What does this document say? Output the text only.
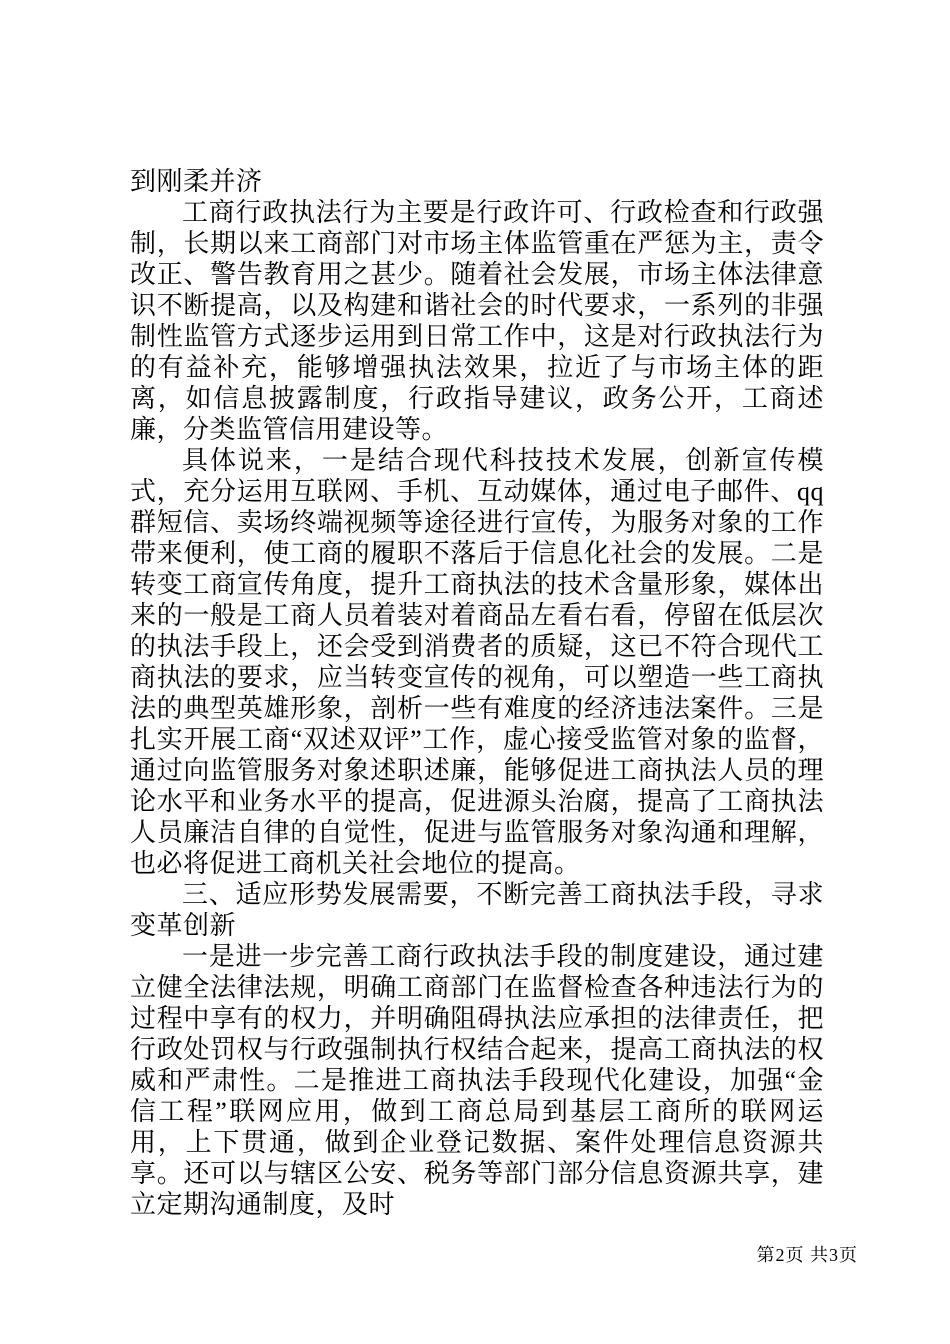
到刚柔并济

工商行政执法行为主要是行政许可、行政检查和行政强制，长期以来工商部门对市场主体监管重在严惩为主，责令改正、警告教育用之甚少。随着社会发展，市场主体法律意识不断提高，以及构建和谐社会的时代要求，一系列的非强制性监管方式逐步运用到日常工作中，这是对行政执法行为的有益补充，能够增强执法效果，拉近了与市场主体的距离，如信息披露制度，行政指导建议，政务公开，工商述廉，分类监管信用建设等。

具体说来，一是结合现代科技技术发展，创新宣传模式，充分运用互联网、手机、互动媒体，通过电子邮件、qq群短信、卖场终端视频等途径进行宣传，为服务对象的工作带来便利，使工商的履职不落后于信息化社会的发展。二是转变工商宣传角度，提升工商执法的技术含量形象，媒体出来的一般是工商人员着装对着商品左看右看，停留在低层次的执法手段上，还会受到消费者的质疑，这已不符合现代工商执法的要求，应当转变宣传的视角，可以塑造一些工商执法的典型英雄形象，剖析一些有难度的经济违法案件。三是扎实开展工商“双述双评”工作，虚心接受监管对象的监督，通过向监管服务对象述职述廉，能够促进工商执法人员的理论水平和业务水平的提高，促进源头治腐，提高了工商执法人员廉洁自律的自觉性，促进与监管服务对象沟通和理解，也必将促进工商机关社会地位的提高。

三、适应形势发展需要，不断完善工商执法手段，寻求变革创新

一是进一步完善工商行政执法手段的制度建设，通过建立健全法律法规，明确工商部门在监督检查各种违法行为的过程中享有的权力，并明确阻碍执法应承担的法律责任，把行政处罚权与行政强制执行权结合起来，提高工商执法的权威和严肃性。二是推进工商执法手段现代化建设，加强“金信工程”联网应用，做到工商总局到基层工商所的联网运用，上下贯通，做到企业登记数据、案件处理信息资源共享。还可以与辖区公安、税务等部门部分信息资源共享，建立定期沟通制度，及时

第2页 共3页
